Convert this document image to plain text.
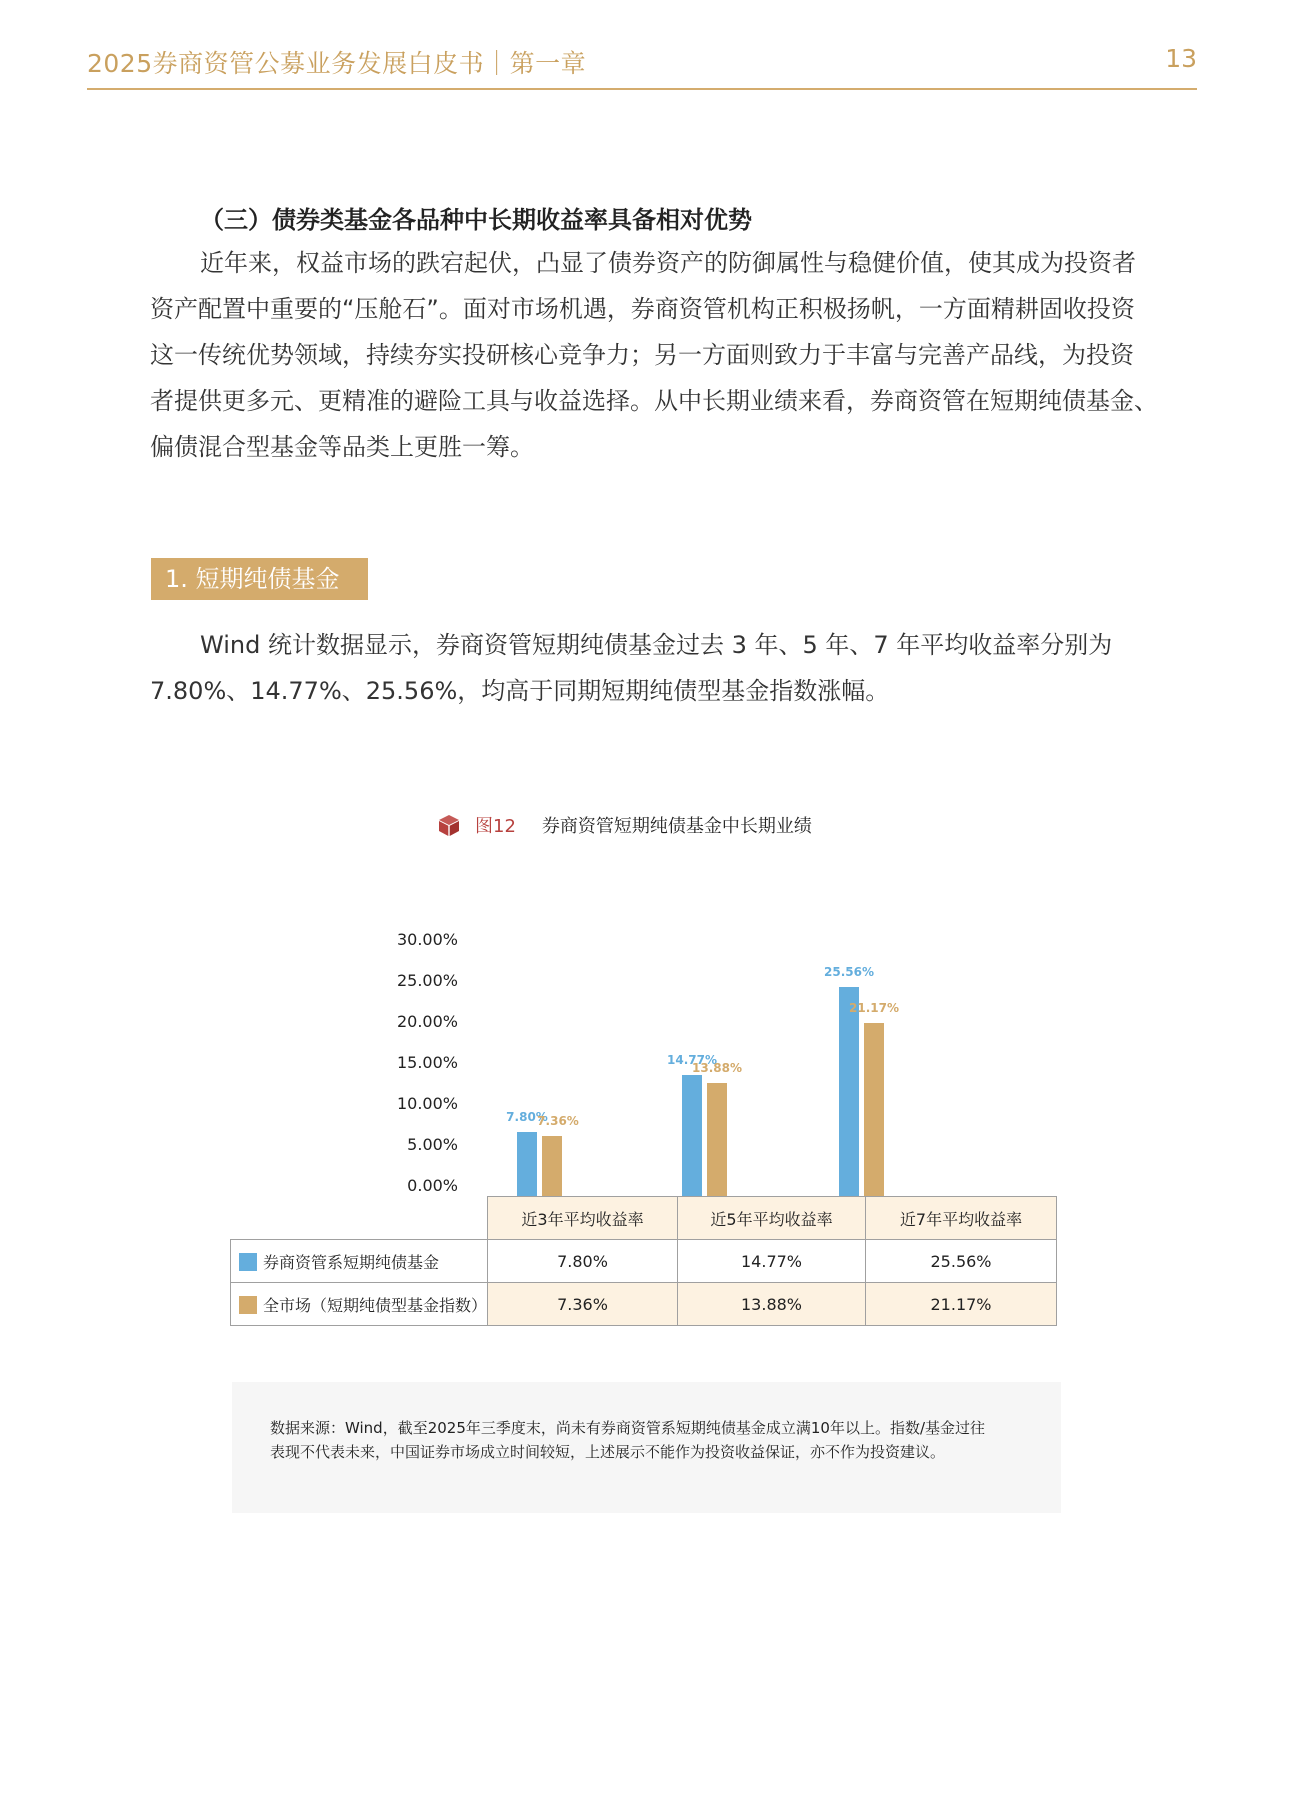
2025券商资管公募业务发展白皮书｜第一章	13
（三）债券类基金各品种中长期收益率具备相对优势
近年来，权益市场的跌宕起伏，凸显了债券资产的防御属性与稳健价值，使其成为投资者
资产配置中重要的“压舱石”。面对市场机遇，券商资管机构正积极扬帆，一方面精耕固收投资
这一传统优势领域，持续夯实投研核心竞争力；另一方面则致力于丰富与完善产品线，为投资
者提供更多元、更精准的避险工具与收益选择。从中长期业绩来看，券商资管在短期纯债基金、
偏债混合型基金等品类上更胜一筹。
1. 短期纯债基金
Wind 统计数据显示，券商资管短期纯债基金过去 3 年、5 年、7 年平均收益率分别为
7.80%、14.77%、25.56%，均高于同期短期纯债型基金指数涨幅。
图12 券商资管短期纯债基金中长期业绩
30.00%
25.00%
20.00%
15.00%
10.00%
5.00%
0.00%
7.80%
14.77%
25.56%
7.36%
13.88%
21.17%
	近3年平均收益率	近5年平均收益率	近7年平均收益率
券商资管系短期纯债基金	7.80%	14.77%	25.56%
全市场（短期纯债型基金指数）	7.36%	13.88%	21.17%
数据来源：Wind，截至2025年三季度末，尚未有券商资管系短期纯债基金成立满10年以上。指数/基金过往
表现不代表未来，中国证券市场成立时间较短，上述展示不能作为投资收益保证，亦不作为投资建议。
